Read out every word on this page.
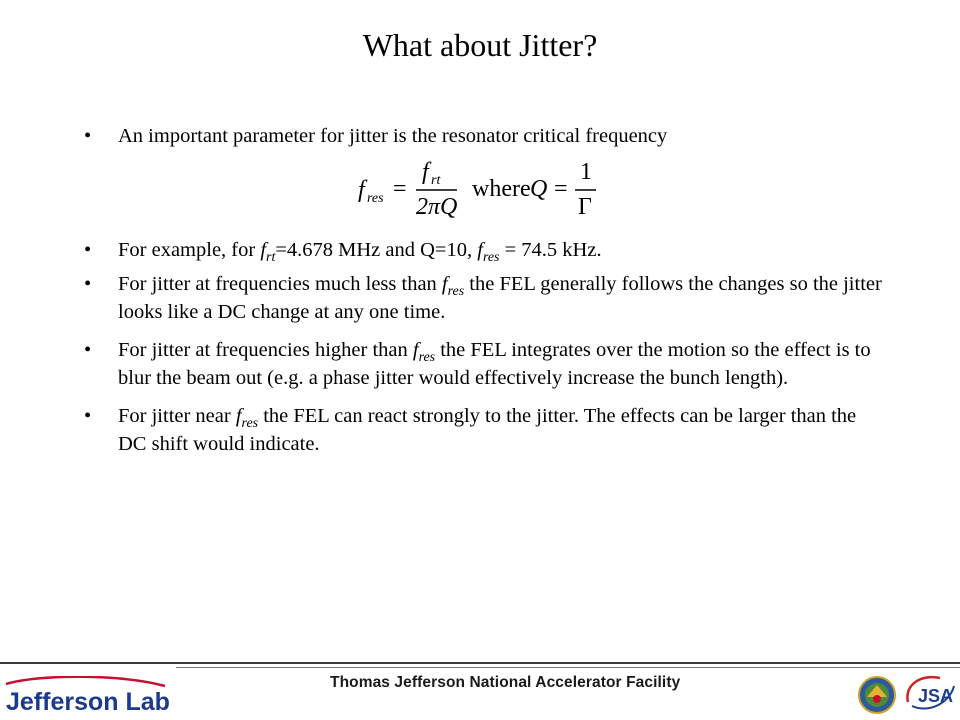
What about Jitter?
f res =
f rt
2πQ
where Q =
1
Γ
• An important parameter for jitter is the resonator critical frequency
• For example, for $f_{rt}=4.678$ MHz and Q=10, $f_{res} = 74.5$ kHz.
• For jitter at frequencies much less than $f_{res}$ the FEL generally follows the changes so the jitter looks like a DC change at any one time.
• For jitter at frequencies higher than $f_{res}$ the FEL integrates over the motion so the effect is to blur the beam out (e.g. a phase jitter would effectively increase the bunch length).
• For jitter near $f_{res}$ the FEL can react strongly to the jitter. The effects can be larger than the DC shift would indicate.
Jefferson Lab
Thomas Jefferson National Accelerator Facility
JSA
